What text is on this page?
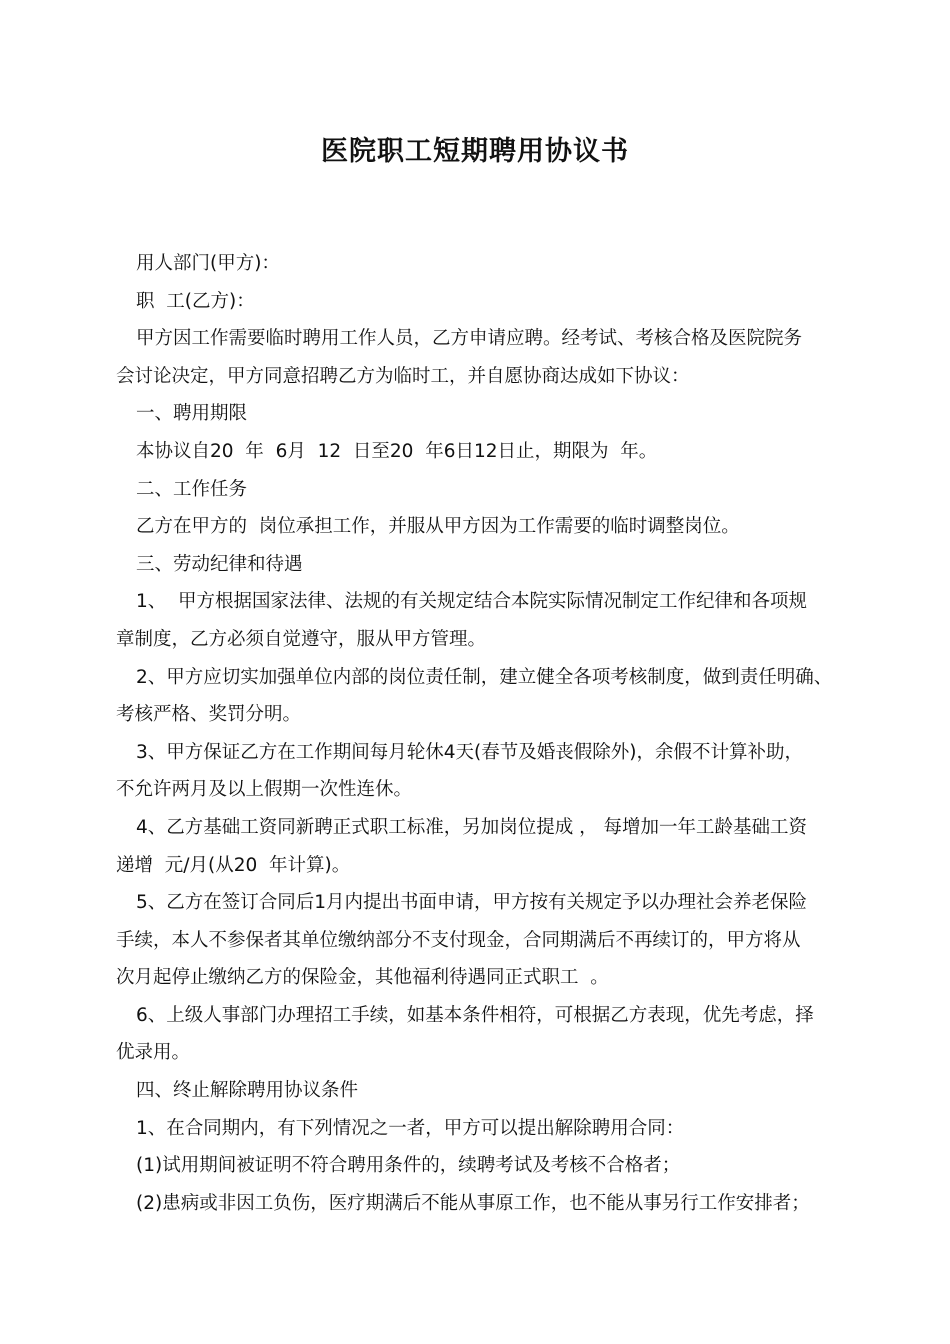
医院职工短期聘用协议书
用人部门(甲方)：
职  工(乙方)：
甲方因工作需要临时聘用工作人员，乙方申请应聘。经考试、考核合格及医院院务
会讨论决定，甲方同意招聘乙方为临时工，并自愿协商达成如下协议：
一、聘用期限
本协议自20  年  6月  12  日至20  年6日12日止，期限为  年。
二、工作任务
乙方在甲方的  岗位承担工作，并服从甲方因为工作需要的临时调整岗位。
三、劳动纪律和待遇
1、  甲方根据国家法律、法规的有关规定结合本院实际情况制定工作纪律和各项规
章制度，乙方必须自觉遵守，服从甲方管理。
2、甲方应切实加强单位内部的岗位责任制，建立健全各项考核制度，做到责任明确、
考核严格、奖罚分明。
3、甲方保证乙方在工作期间每月轮休4天(春节及婚丧假除外)，余假不计算补助，
不允许两月及以上假期一次性连休。
4、乙方基础工资同新聘正式职工标准，另加岗位提成 ， 每增加一年工龄基础工资
递增  元/月(从20  年计算)。
5、乙方在签订合同后1月内提出书面申请，甲方按有关规定予以办理社会养老保险
手续，本人不参保者其单位缴纳部分不支付现金，合同期满后不再续订的，甲方将从
次月起停止缴纳乙方的保险金，其他福利待遇同正式职工  。
6、上级人事部门办理招工手续，如基本条件相符，可根据乙方表现，优先考虑，择
优录用。
四、终止解除聘用协议条件
1、在合同期内，有下列情况之一者，甲方可以提出解除聘用合同：
(1)试用期间被证明不符合聘用条件的，续聘考试及考核不合格者；
(2)患病或非因工负伤，医疗期满后不能从事原工作，也不能从事另行工作安排者；
